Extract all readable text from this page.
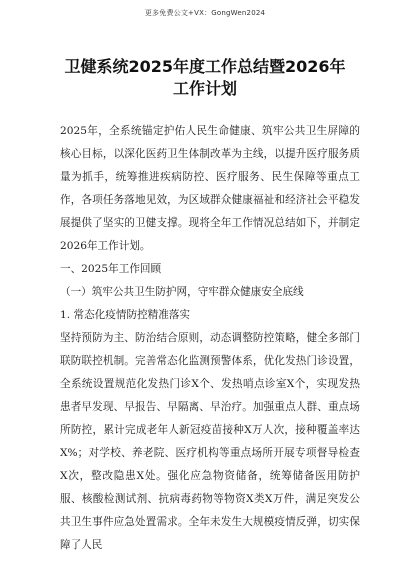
更多免费公文+VX：GongWen2024
卫健系统2025年度工作总结暨2026年
工作计划

2025年，全系统锚定护佑人民生命健康、筑牢公共卫生屏障的核心目标，以深化医药卫生体制改革为主线，以提升医疗服务质量为抓手，统筹推进疾病防控、医疗服务、民生保障等重点工作，各项任务落地见效，为区域群众健康福祉和经济社会平稳发展提供了坚实的卫健支撑。现将全年工作情况总结如下，并制定2026年工作计划。

一、2025年工作回顾

（一）筑牢公共卫生防护网，守牢群众健康安全底线

1. 常态化疫情防控精准落实

坚持预防为主、防治结合原则，动态调整防控策略，健全多部门联防联控机制。完善常态化监测预警体系，优化发热门诊设置，全系统设置规范化发热门诊X个、发热哨点诊室X个，实现发热患者早发现、早报告、早隔离、早治疗。加强重点人群、重点场所防控，累计完成老年人新冠疫苗接种X万人次，接种覆盖率达X%；对学校、养老院、医疗机构等重点场所开展专项督导检查X次，整改隐患X处。强化应急物资储备，统筹储备医用防护服、核酸检测试剂、抗病毒药物等物资X类X万件，满足突发公共卫生事件应急处置需求。全年未发生大规模疫情反弹，切实保障了人民
